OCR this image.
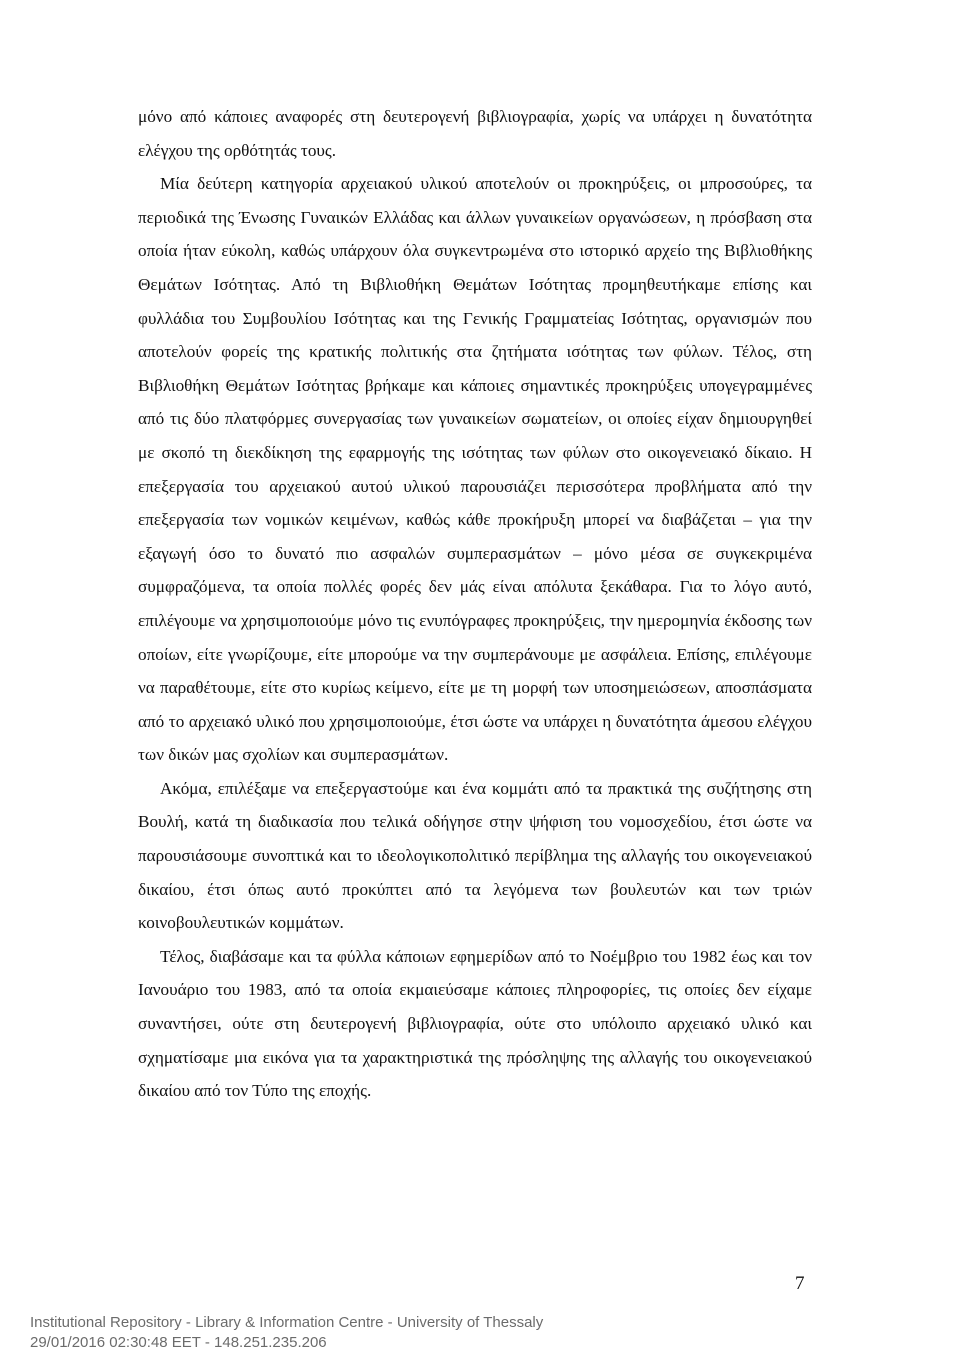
μόνο από κάποιες αναφορές στη δευτερογενή βιβλιογραφία, χωρίς να υπάρχει η δυνατότητα ελέγχου της ορθότητάς τους.

Μία δεύτερη κατηγορία αρχειακού υλικού αποτελούν οι προκηρύξεις, οι μπροσούρες, τα περιοδικά της Ένωσης Γυναικών Ελλάδας και άλλων γυναικείων οργανώσεων, η πρόσβαση στα οποία ήταν εύκολη, καθώς υπάρχουν όλα συγκεντρωμένα στο ιστορικό αρχείο της Βιβλιοθήκης Θεμάτων Ισότητας. Από τη Βιβλιοθήκη Θεμάτων Ισότητας προμηθευτήκαμε επίσης και φυλλάδια του Συμβουλίου Ισότητας και της Γενικής Γραμματείας Ισότητας, οργανισμών που αποτελούν φορείς της κρατικής πολιτικής στα ζητήματα ισότητας των φύλων. Τέλος, στη Βιβλιοθήκη Θεμάτων Ισότητας βρήκαμε και κάποιες σημαντικές προκηρύξεις υπογεγραμμένες από τις δύο πλατφόρμες συνεργασίας των γυναικείων σωματείων, οι οποίες είχαν δημιουργηθεί με σκοπό τη διεκδίκηση της εφαρμογής της ισότητας των φύλων στο οικογενειακό δίκαιο. Η επεξεργασία του αρχειακού αυτού υλικού παρουσιάζει περισσότερα προβλήματα από την επεξεργασία των νομικών κειμένων, καθώς κάθε προκήρυξη μπορεί να διαβάζεται – για την εξαγωγή όσο το δυνατό πιο ασφαλών συμπερασμάτων – μόνο μέσα σε συγκεκριμένα συμφραζόμενα, τα οποία πολλές φορές δεν μάς είναι απόλυτα ξεκάθαρα. Για το λόγο αυτό, επιλέγουμε να χρησιμοποιούμε μόνο τις ενυπόγραφες προκηρύξεις, την ημερομηνία έκδοσης των οποίων, είτε γνωρίζουμε, είτε μπορούμε να την συμπεράνουμε με ασφάλεια. Επίσης, επιλέγουμε να παραθέτουμε, είτε στο κυρίως κείμενο, είτε με τη μορφή των υποσημειώσεων, αποσπάσματα από το αρχειακό υλικό που χρησιμοποιούμε, έτσι ώστε να υπάρχει η δυνατότητα άμεσου ελέγχου των δικών μας σχολίων και συμπερασμάτων.

Ακόμα, επιλέξαμε να επεξεργαστούμε και ένα κομμάτι από τα πρακτικά της συζήτησης στη Βουλή, κατά τη διαδικασία που τελικά οδήγησε στην ψήφιση του νομοσχεδίου, έτσι ώστε να παρουσιάσουμε συνοπτικά και το ιδεολογικοπολιτικό περίβλημα της αλλαγής του οικογενειακού δικαίου, έτσι όπως αυτό προκύπτει από τα λεγόμενα των βουλευτών και των τριών κοινοβουλευτικών κομμάτων.

Τέλος, διαβάσαμε και τα φύλλα κάποιων εφημερίδων από το Νοέμβριο του 1982 έως και τον Ιανουάριο του 1983, από τα οποία εκμαιεύσαμε κάποιες πληροφορίες, τις οποίες δεν είχαμε συναντήσει, ούτε στη δευτερογενή βιβλιογραφία, ούτε στο υπόλοιπο αρχειακό υλικό και σχηματίσαμε μια εικόνα για τα χαρακτηριστικά της πρόσληψης της αλλαγής του οικογενειακού δικαίου από τον Τύπο της εποχής.

7
Institutional Repository - Library & Information Centre - University of Thessaly
29/01/2016 02:30:48 EET - 148.251.235.206
